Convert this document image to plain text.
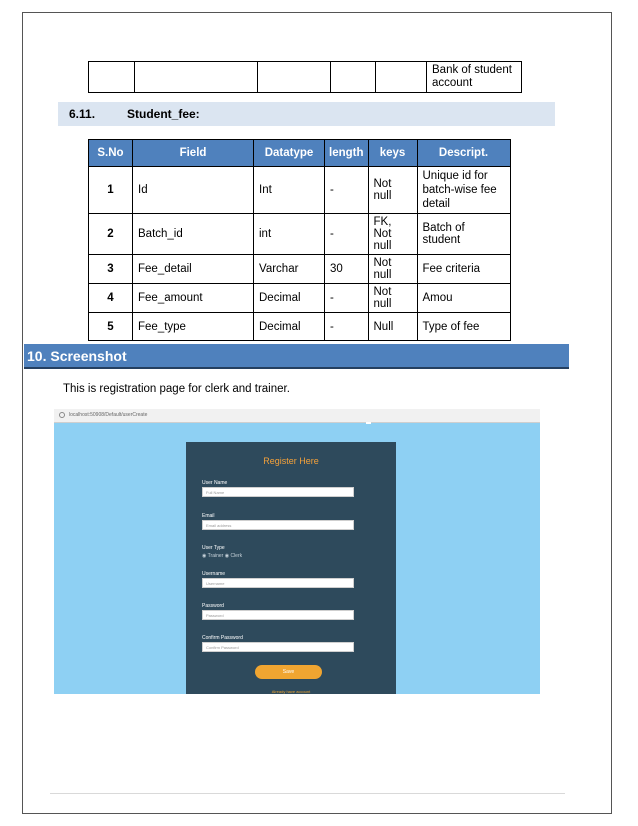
					Bank of student account
6.11.	Student_fee:
S.No	Field	Datatype	length	keys	Descript.
1	Id	Int	-	Not null	Unique id for batch-wise fee detail
2	Batch_id	int	-	FK, Not null	Batch of student
3	Fee_detail	Varchar	30	Not null	Fee criteria
4	Fee_amount	Decimal	-	Not null	Amou
5	Fee_type	Decimal	-	Null	Type of fee
10. Screenshot
This is registration page for clerk and trainer.
localhost:50908/Default/userCreate
Register Here
User Name
Full Name
Email
Email address
User Type
◉ Trainer ◉ Clerk
Username
Username
Password
Password
Confirm Password
Confirm Password
Save
Already have account
